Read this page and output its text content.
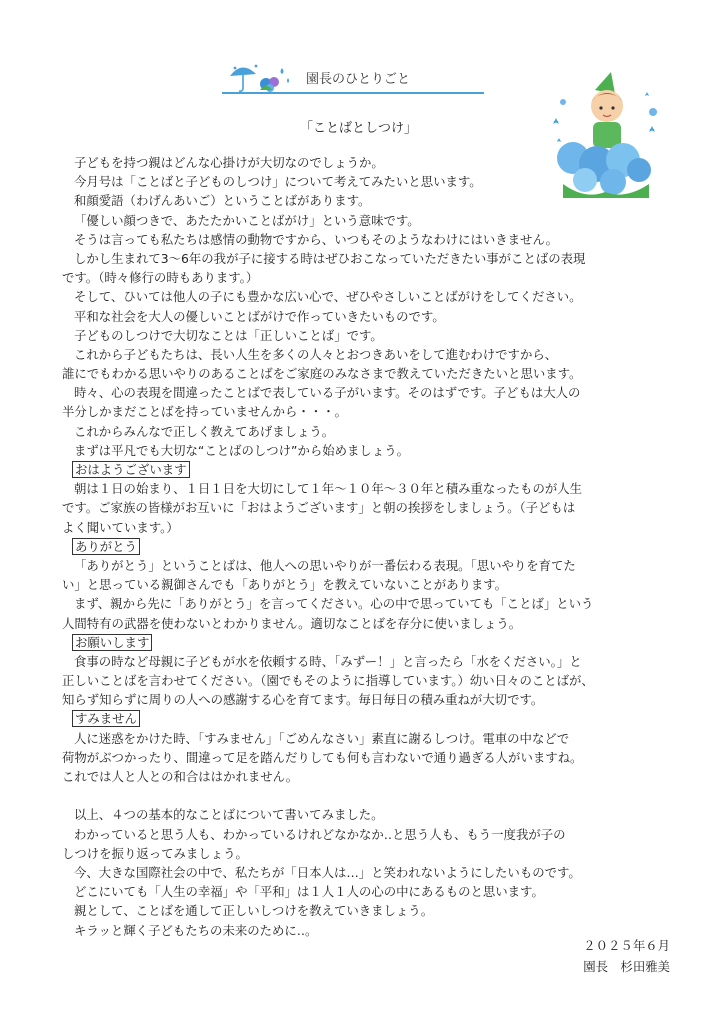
園長のひとりごと
「ことばとしつけ」
子どもを持つ親はどんな心掛けが大切なのでしょうか。
今月号は「ことばと子どものしつけ」について考えてみたいと思います。
和顔愛語（わげんあいご）ということばがあります。
「優しい顔つきで、あたたかいことばがけ」という意味です。
そうは言っても私たちは感情の動物ですから、いつもそのようなわけにはいきません。
しかし生まれて3～6年の我が子に接する時はぜひおこなっていただきたい事がことばの表現
です。（時々修行の時もあります。）
そして、ひいては他人の子にも豊かな広い心で、ぜひやさしいことばがけをしてください。
平和な社会を大人の優しいことばがけで作っていきたいものです。
子どものしつけで大切なことは「正しいことば」です。
これから子どもたちは、長い人生を多くの人々とおつきあいをして進むわけですから、
誰にでもわかる思いやりのあることばをご家庭のみなさまで教えていただきたいと思います。
時々、心の表現を間違ったことばで表している子がいます。そのはずです。子どもは大人の
半分しかまだことばを持っていませんから・・・。
これからみんなで正しく教えてあげましょう。
まずは平凡でも大切な“ことばのしつけ”から始めましょう。
おはようございます
朝は１日の始まり、１日１日を大切にして１年～１０年～３０年と積み重なったものが人生
です。ご家族の皆様がお互いに「おはようございます」と朝の挨拶をしましょう。（子どもは
よく聞いています。）
ありがとう
「ありがとう」ということばは、他人への思いやりが一番伝わる表現。「思いやりを育てた
い」と思っている親御さんでも「ありがとう」を教えていないことがあります。
まず、親から先に「ありがとう」を言ってください。心の中で思っていても「ことば」という
人間特有の武器を使わないとわかりません。適切なことばを存分に使いましょう。
お願いします
食事の時など母親に子どもが水を依頼する時、「みずー！」と言ったら「水をください。」と
正しいことばを言わせてください。（園でもそのように指導しています。）幼い日々のことばが、
知らず知らずに周りの人への感謝する心を育てます。毎日毎日の積み重ねが大切です。
すみません
人に迷惑をかけた時、「すみません」「ごめんなさい」素直に謝るしつけ。電車の中などで
荷物がぶつかったり、間違って足を踏んだりしても何も言わないで通り過ぎる人がいますね。
これでは人と人との和合ははかれません。
以上、４つの基本的なことばについて書いてみました。
わかっていると思う人も、わかっているけれどなかなか‥と思う人も、もう一度我が子の
しつけを振り返ってみましょう。
今、大きな国際社会の中で、私たちが「日本人は…」と笑われないようにしたいものです。
どこにいても「人生の幸福」や「平和」は１人１人の心の中にあるものと思います。
親として、ことばを通して正しいしつけを教えていきましょう。
キラッと輝く子どもたちの未来のために‥。
２０２５年６月
園長　杉田雅美
